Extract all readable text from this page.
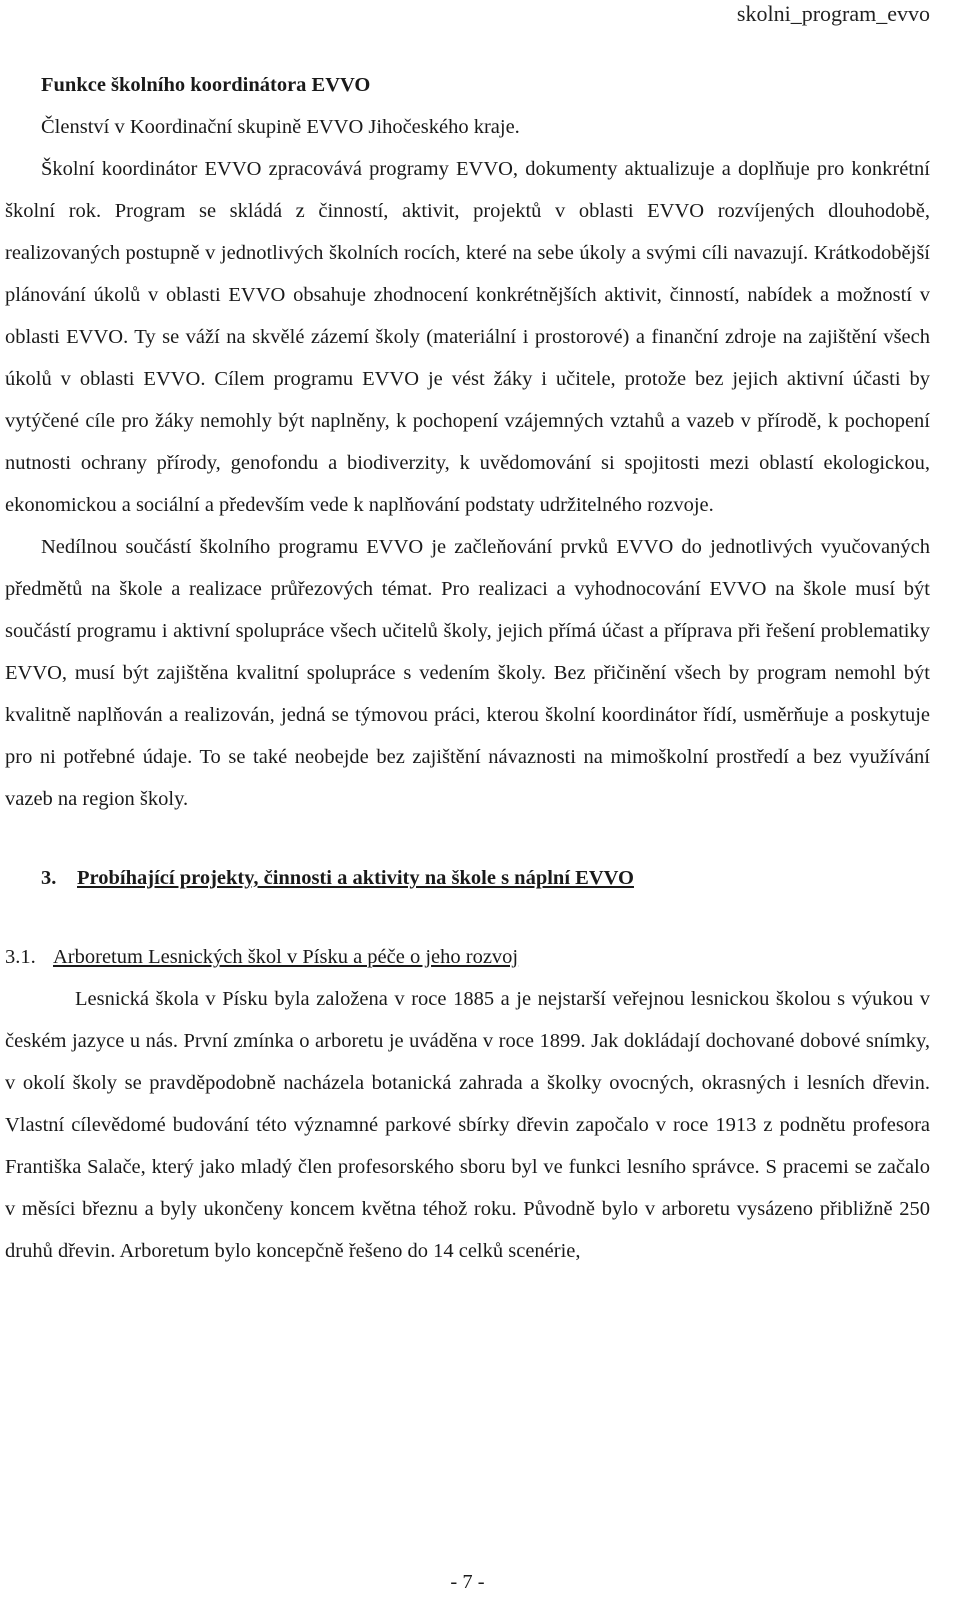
skolni_program_evvo

Funkce školního koordinátora EVVO

Členství v Koordinační skupině EVVO Jihočeského kraje.

Školní koordinátor EVVO zpracovává programy EVVO, dokumenty aktualizuje a doplňuje pro konkrétní školní rok. Program se skládá z činností, aktivit, projektů v oblasti EVVO rozvíjených dlouhodobě, realizovaných postupně v jednotlivých školních rocích, které na sebe úkoly a svými cíli navazují. Krátkodobější plánování úkolů v oblasti EVVO obsahuje zhodnocení konkrétnějších aktivit, činností, nabídek a možností v oblasti EVVO. Ty se váží na skvělé zázemí školy (materiální i prostorové) a finanční zdroje na zajištění všech úkolů v oblasti EVVO. Cílem programu EVVO je vést žáky i učitele, protože bez jejich aktivní účasti by vytýčené cíle pro žáky nemohly být naplněny, k pochopení vzájemných vztahů a vazeb v přírodě, k pochopení nutnosti ochrany přírody, genofondu a biodiverzity, k uvědomování si spojitosti mezi oblastí ekologickou, ekonomickou a sociální a především vede k naplňování podstaty udržitelného rozvoje.

Nedílnou součástí školního programu EVVO je začleňování prvků EVVO do jednotlivých vyučovaných předmětů na škole a realizace průřezových témat. Pro realizaci a vyhodnocování EVVO na škole musí být součástí programu i aktivní spolupráce všech učitelů školy, jejich přímá účast a příprava při řešení problematiky EVVO, musí být zajištěna kvalitní spolupráce s vedením školy. Bez přičinění všech by program nemohl být kvalitně naplňován a realizován, jedná se týmovou práci, kterou školní koordinátor řídí, usměrňuje a poskytuje pro ni potřebné údaje. To se také neobejde bez zajištění návaznosti na mimoškolní prostředí a bez využívání vazeb na region školy.

3. Probíhající projekty, činnosti a aktivity na škole s náplní EVVO

3.1. Arboretum Lesnických škol v Písku a péče o jeho rozvoj

Lesnická škola v Písku byla založena v roce 1885 a je nejstarší veřejnou lesnickou školou s výukou v českém jazyce u nás. První zmínka o arboretu je uváděna v roce 1899. Jak dokládají dochované dobové snímky, v okolí školy se pravděpodobně nacházela botanická zahrada a školky ovocných, okrasných i lesních dřevin. Vlastní cílevědomé budování této významné parkové sbírky dřevin započalo v roce 1913 z podnětu profesora Františka Salače, který jako mladý člen profesorského sboru byl ve funkci lesního správce. S pracemi se začalo v měsíci březnu a byly ukončeny koncem května téhož roku. Původně bylo v arboretu vysázeno přibližně 250 druhů dřevin. Arboretum bylo koncepčně řešeno do 14 celků scenérie,

- 7 -
